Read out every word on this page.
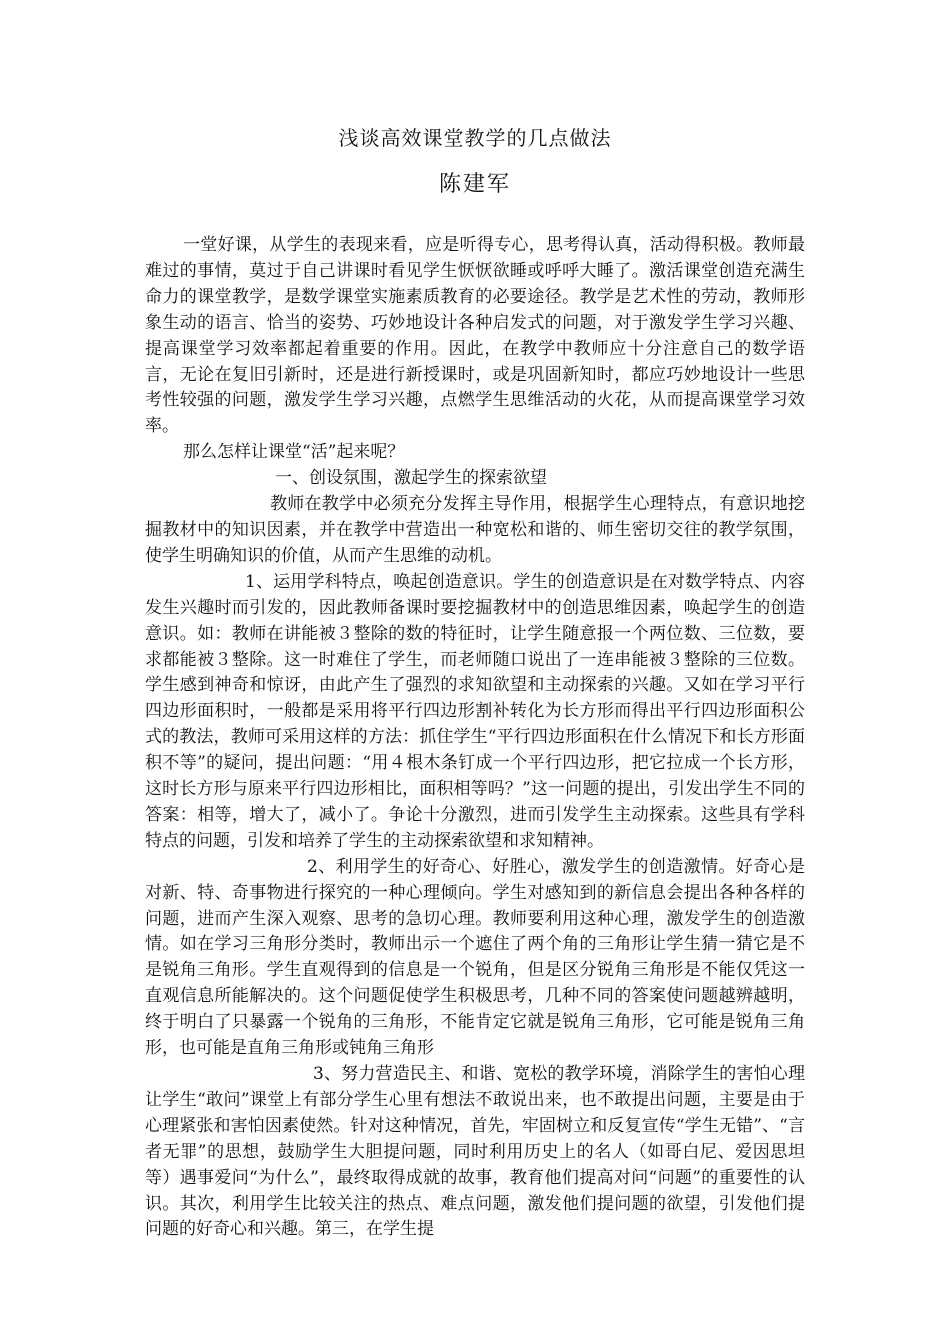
浅谈高效课堂教学的几点做法
陈建军

一堂好课，从学生的表现来看，应是听得专心，思考得认真，活动得积极。教师最难过的事情，莫过于自己讲课时看见学生恹恹欲睡或呼呼大睡了。激活课堂创造充满生命力的课堂教学，是数学课堂实施素质教育的必要途径。教学是艺术性的劳动，教师形象生动的语言、恰当的姿势、巧妙地设计各种启发式的问题，对于激发学生学习兴趣、提高课堂学习效率都起着重要的作用。因此，在教学中教师应十分注意自己的数学语言，无论在复旧引新时，还是进行新授课时，或是巩固新知时，都应巧妙地设计一些思考性较强的问题，激发学生学习兴趣，点燃学生思维活动的火花，从而提高课堂学习效率。

那么怎样让课堂“活”起来呢？

一、创设氛围，激起学生的探索欲望

教师在教学中必须充分发挥主导作用，根据学生心理特点，有意识地挖掘教材中的知识因素，并在教学中营造出一种宽松和谐的、师生密切交往的教学氛围，使学生明确知识的价值，从而产生思维的动机。

1、运用学科特点，唤起创造意识。学生的创造意识是在对数学特点、内容发生兴趣时而引发的，因此教师备课时要挖掘教材中的创造思维因素，唤起学生的创造意识。如：教师在讲能被３整除的数的特征时，让学生随意报一个两位数、三位数，要求都能被３整除。这一时难住了学生，而老师随口说出了一连串能被３整除的三位数。学生感到神奇和惊讶，由此产生了强烈的求知欲望和主动探索的兴趣。又如在学习平行四边形面积时，一般都是采用将平行四边形割补转化为长方形而得出平行四边形面积公式的教法，教师可采用这样的方法：抓住学生“平行四边形面积在什么情况下和长方形面积不等”的疑问，提出问题：“用４根木条钉成一个平行四边形，把它拉成一个长方形，这时长方形与原来平行四边形相比，面积相等吗？”这一问题的提出，引发出学生不同的答案：相等，增大了，减小了。争论十分激烈，进而引发学生主动探索。这些具有学科特点的问题，引发和培养了学生的主动探索欲望和求知精神。

2、利用学生的好奇心、好胜心，激发学生的创造激情。好奇心是对新、特、奇事物进行探究的一种心理倾向。学生对感知到的新信息会提出各种各样的问题，进而产生深入观察、思考的急切心理。教师要利用这种心理，激发学生的创造激情。如在学习三角形分类时，教师出示一个遮住了两个角的三角形让学生猜一猜它是不是锐角三角形。学生直观得到的信息是一个锐角，但是区分锐角三角形是不能仅凭这一直观信息所能解决的。这个问题促使学生积极思考，几种不同的答案使问题越辨越明，终于明白了只暴露一个锐角的三角形，不能肯定它就是锐角三角形，它可能是锐角三角形，也可能是直角三角形或钝角三角形

3、努力营造民主、和谐、宽松的教学环境，消除学生的害怕心理让学生“敢问”课堂上有部分学生心里有想法不敢说出来，也不敢提出问题，主要是由于心理紧张和害怕因素使然。针对这种情况，首先，牢固树立和反复宣传“学生无错”、“言者无罪”的思想，鼓励学生大胆提问题，同时利用历史上的名人（如哥白尼、爱因思坦等）遇事爱问“为什么”，最终取得成就的故事，教育他们提高对问“问题”的重要性的认识。其次，利用学生比较关注的热点、难点问题，激发他们提问题的欲望，引发他们提问题的好奇心和兴趣。第三，在学生提
